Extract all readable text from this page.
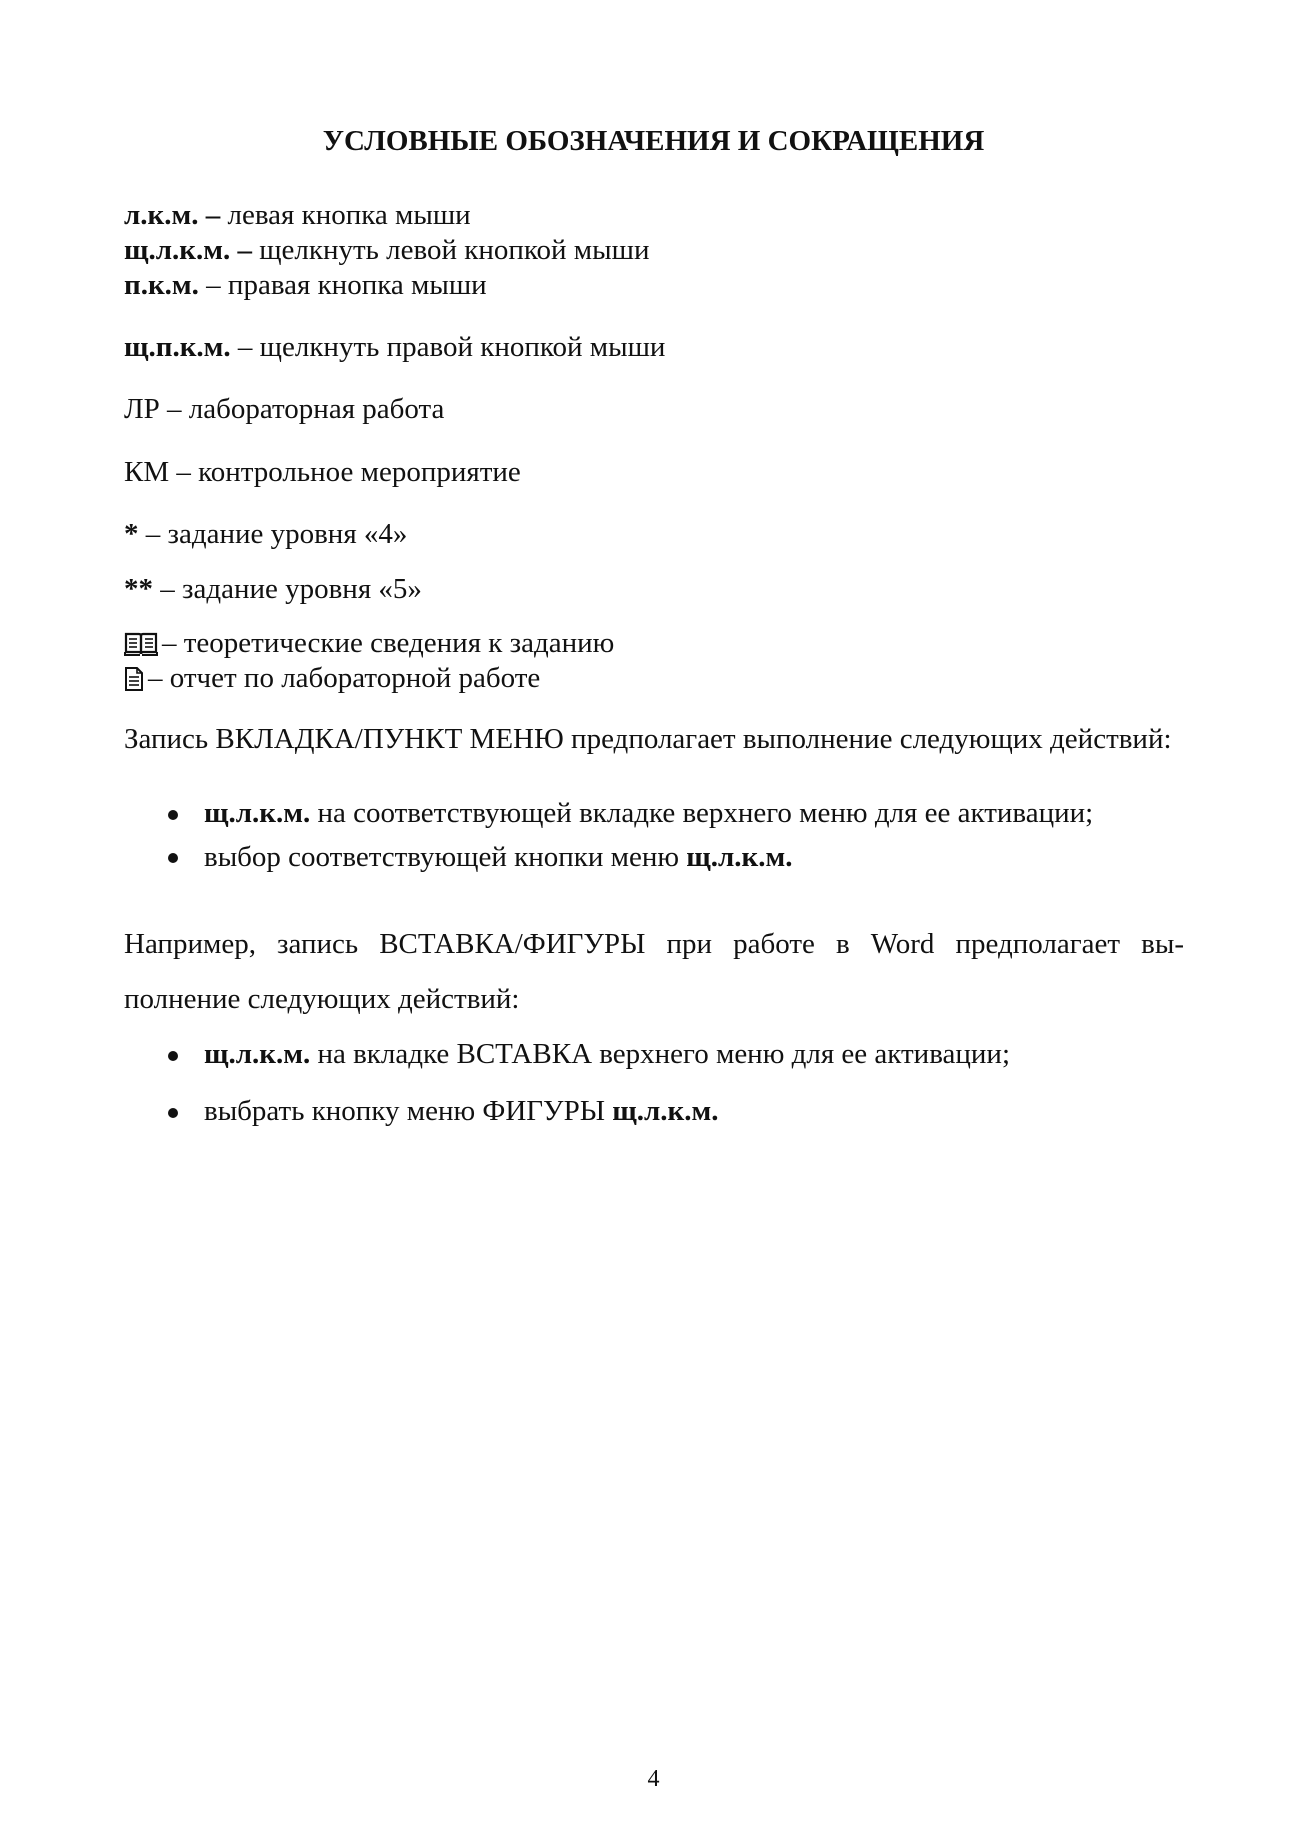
УСЛОВНЫЕ ОБОЗНАЧЕНИЯ И СОКРАЩЕНИЯ
л.к.м. – левая кнопка мыши
щ.л.к.м. – щелкнуть левой кнопкой мыши
п.к.м. – правая кнопка мыши
щ.п.к.м. – щелкнуть правой кнопкой мыши
ЛР – лабораторная работа
КМ – контрольное мероприятие
* – задание уровня «4»
** – задание уровня «5»
– теоретические сведения к заданию
– отчет по лабораторной работе
Запись ВКЛАДКА/ПУНКТ МЕНЮ предполагает выполнение следующих действий:
щ.л.к.м. на соответствующей вкладке верхнего меню для ее активации;
выбор соответствующей кнопки меню щ.л.к.м.
Например, запись ВСТАВКА/ФИГУРЫ при работе в Word предполагает вы-
полнение следующих действий:
щ.л.к.м. на вкладке ВСТАВКА верхнего меню для ее активации;
выбрать кнопку меню ФИГУРЫ щ.л.к.м.
4
